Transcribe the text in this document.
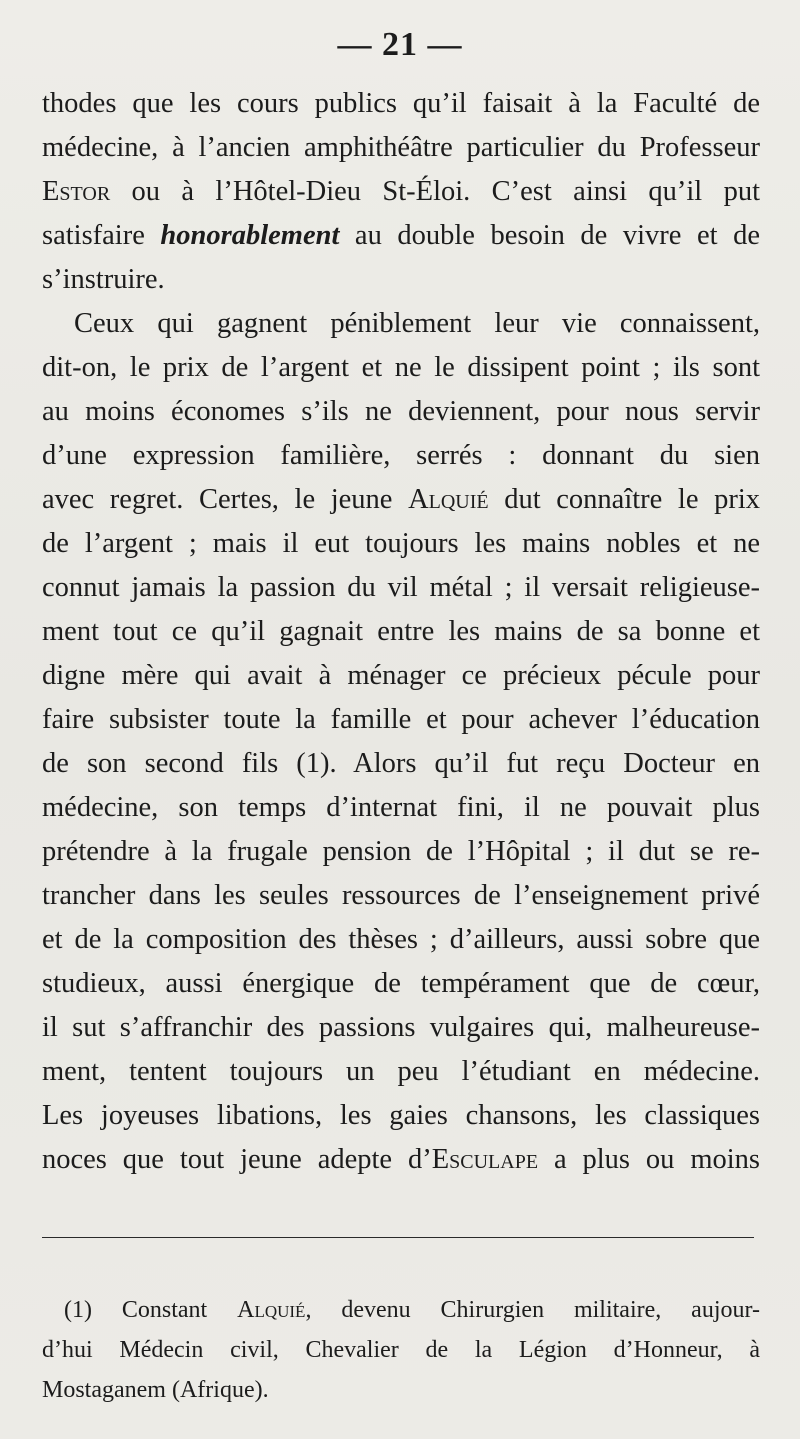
— 21 —
thodes que les cours publics qu’il faisait à la Faculté de
médecine, à l’ancien amphithéâtre particulier du Professeur
Estor ou à l’Hôtel-Dieu St-Éloi. C’est ainsi qu’il put
satisfaire honorablement au double besoin de vivre et de
s’instruire.
Ceux qui gagnent péniblement leur vie connaissent,
dit-on, le prix de l’argent et ne le dissipent point ; ils sont
au moins économes s’ils ne deviennent, pour nous servir
d’une expression familière, serrés : donnant du sien
avec regret. Certes, le jeune Alquié dut connaître le prix
de l’argent ; mais il eut toujours les mains nobles et ne
connut jamais la passion du vil métal ; il versait religieuse-
ment tout ce qu’il gagnait entre les mains de sa bonne et
digne mère qui avait à ménager ce précieux pécule pour
faire subsister toute la famille et pour achever l’éducation
de son second fils (1). Alors qu’il fut reçu Docteur en
médecine, son temps d’internat fini, il ne pouvait plus
prétendre à la frugale pension de l’Hôpital ; il dut se re-
trancher dans les seules ressources de l’enseignement privé
et de la composition des thèses ; d’ailleurs, aussi sobre que
studieux, aussi énergique de tempérament que de cœur,
il sut s’affranchir des passions vulgaires qui, malheureuse-
ment, tentent toujours un peu l’étudiant en médecine.
Les joyeuses libations, les gaies chansons, les classiques
noces que tout jeune adepte d’Esculape a plus ou moins
(1) Constant Alquié, devenu Chirurgien militaire, aujour-
d’hui Médecin civil, Chevalier de la Légion d’Honneur, à
Mostaganem (Afrique).
